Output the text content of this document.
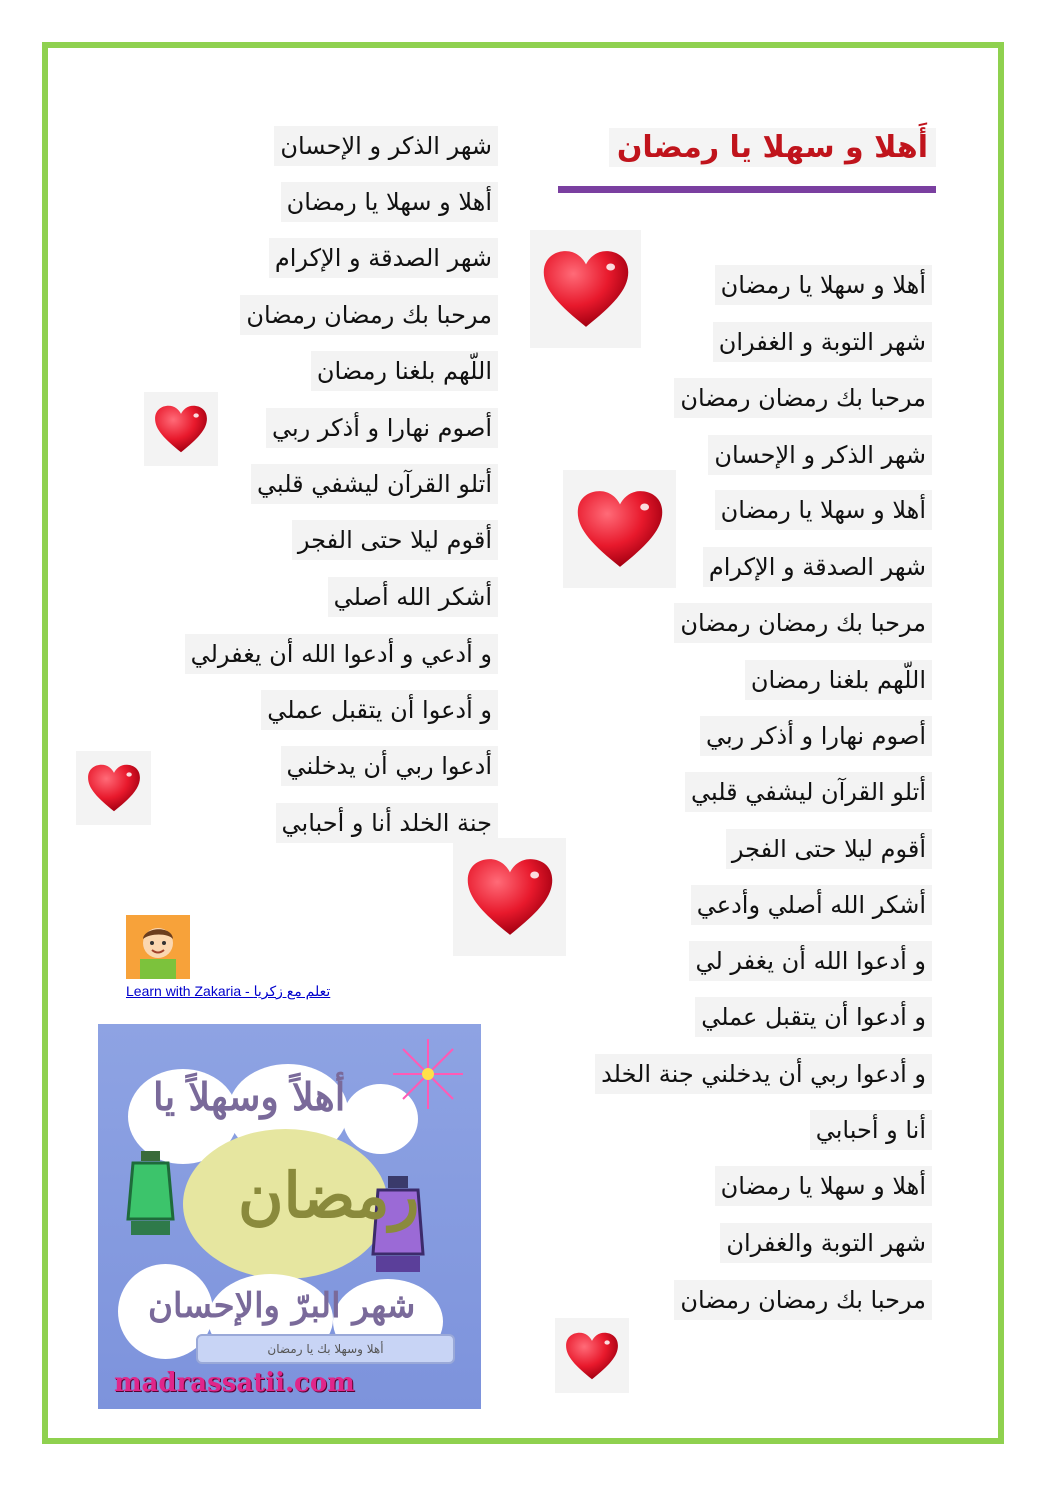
أَهلا و سهلا يا رمضان
أهلا و سهلا يا رمضان
شهر التوبة و الغفران
مرحبا بك رمضان رمضان
شهر الذكر و الإحسان
أهلا و سهلا يا رمضان
شهر الصدقة و الإكرام
مرحبا بك رمضان رمضان
اللّهم بلغنا رمضان
أصوم نهارا و أذكر ربي
أتلو القرآن ليشفي قلبي
أقوم ليلا حتى الفجر
أشكر الله أصلي وأدعي
و أدعوا الله أن يغفر لي
و أدعوا أن يتقبل عملي
و أدعوا ربي أن يدخلني جنة الخلد
أنا و أحبابي
أهلا و سهلا يا رمضان
شهر التوبة والغفران
مرحبا بك رمضان رمضان
شهر الذكر و الإحسان
أهلا و سهلا يا رمضان
شهر الصدقة و الإكرام
مرحبا بك رمضان رمضان
اللّهم بلغنا رمضان
أصوم نهارا و أذكر ربي
أتلو القرآن ليشفي قلبي
أقوم ليلا حتى الفجر
أشكر الله أصلي
و أدعي و أدعوا الله أن يغفرلي
و أدعوا أن يتقبل عملي
أدعوا ربي أن يدخلني
جنة الخلد أنا و أحبابي
Learn with Zakaria - تعلم مع زكريا
أهلاً وسهلاً يا
رمضان
شهر البرّ والإحسان
أهلا وسهلا بك يا رمضان
madrassatii.com
